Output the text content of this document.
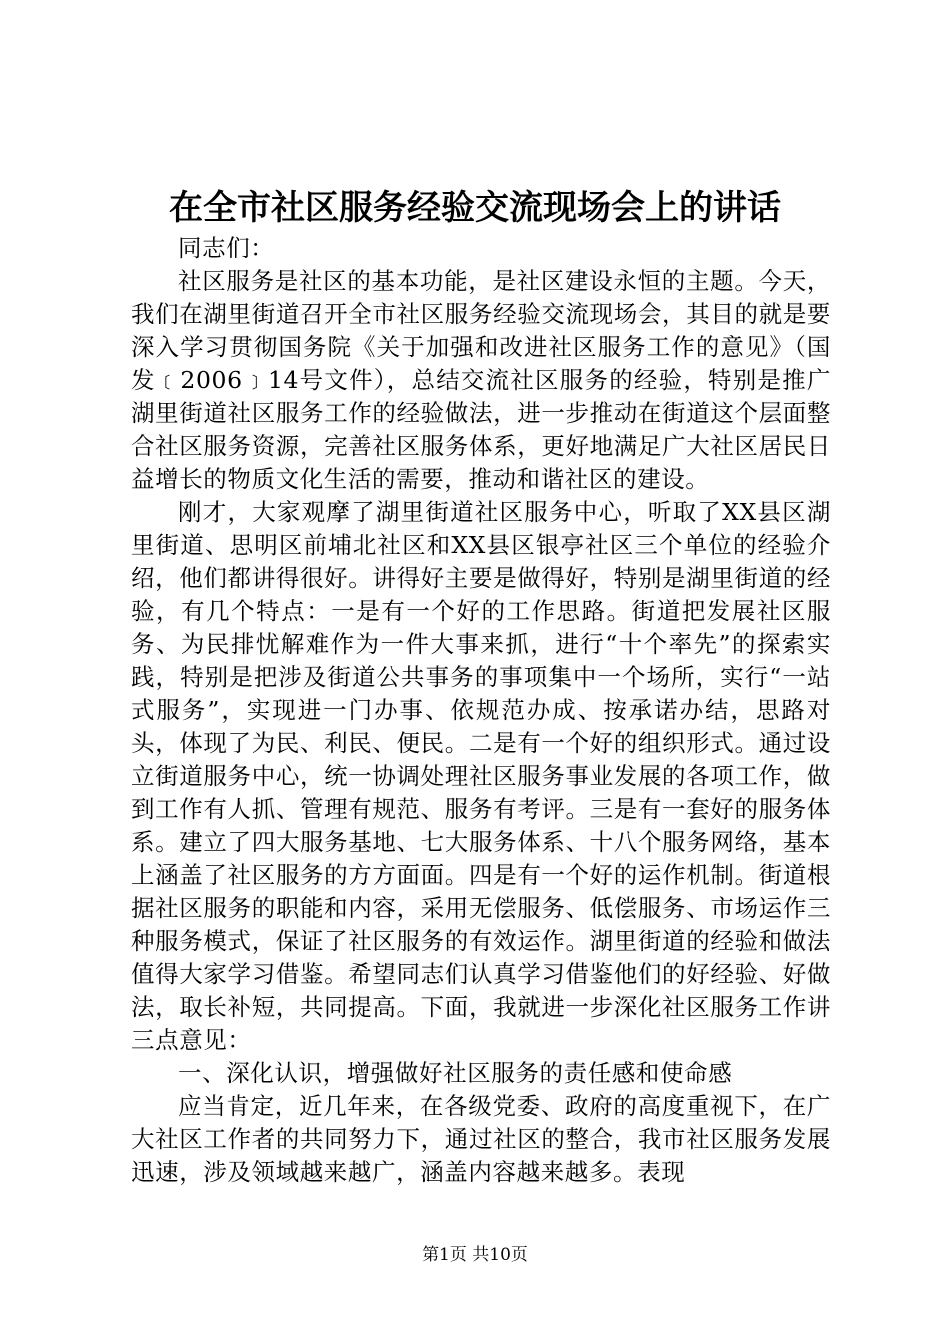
在全市社区服务经验交流现场会上的讲话

同志们：

社区服务是社区的基本功能，是社区建设永恒的主题。今天，我们在湖里街道召开全市社区服务经验交流现场会，其目的就是要深入学习贯彻国务院《关于加强和改进社区服务工作的意见》（国发﹝2006﹞14号文件），总结交流社区服务的经验，特别是推广湖里街道社区服务工作的经验做法，进一步推动在街道这个层面整合社区服务资源，完善社区服务体系，更好地满足广大社区居民日益增长的物质文化生活的需要，推动和谐社区的建设。

刚才，大家观摩了湖里街道社区服务中心，听取了XX县区湖里街道、思明区前埔北社区和XX县区银亭社区三个单位的经验介绍，他们都讲得很好。讲得好主要是做得好，特别是湖里街道的经验，有几个特点：一是有一个好的工作思路。街道把发展社区服务、为民排忧解难作为一件大事来抓，进行“十个率先”的探索实践，特别是把涉及街道公共事务的事项集中一个场所，实行“一站式服务”，实现进一门办事、依规范办成、按承诺办结，思路对头，体现了为民、利民、便民。二是有一个好的组织形式。通过设立街道服务中心，统一协调处理社区服务事业发展的各项工作，做到工作有人抓、管理有规范、服务有考评。三是有一套好的服务体系。建立了四大服务基地、七大服务体系、十八个服务网络，基本上涵盖了社区服务的方方面面。四是有一个好的运作机制。街道根据社区服务的职能和内容，采用无偿服务、低偿服务、市场运作三种服务模式，保证了社区服务的有效运作。湖里街道的经验和做法值得大家学习借鉴。希望同志们认真学习借鉴他们的好经验、好做法，取长补短，共同提高。下面，我就进一步深化社区服务工作讲三点意见：

一、深化认识，增强做好社区服务的责任感和使命感

应当肯定，近几年来，在各级党委、政府的高度重视下，在广大社区工作者的共同努力下，通过社区的整合，我市社区服务发展迅速，涉及领域越来越广，涵盖内容越来越多。表现

第1页 共10页
